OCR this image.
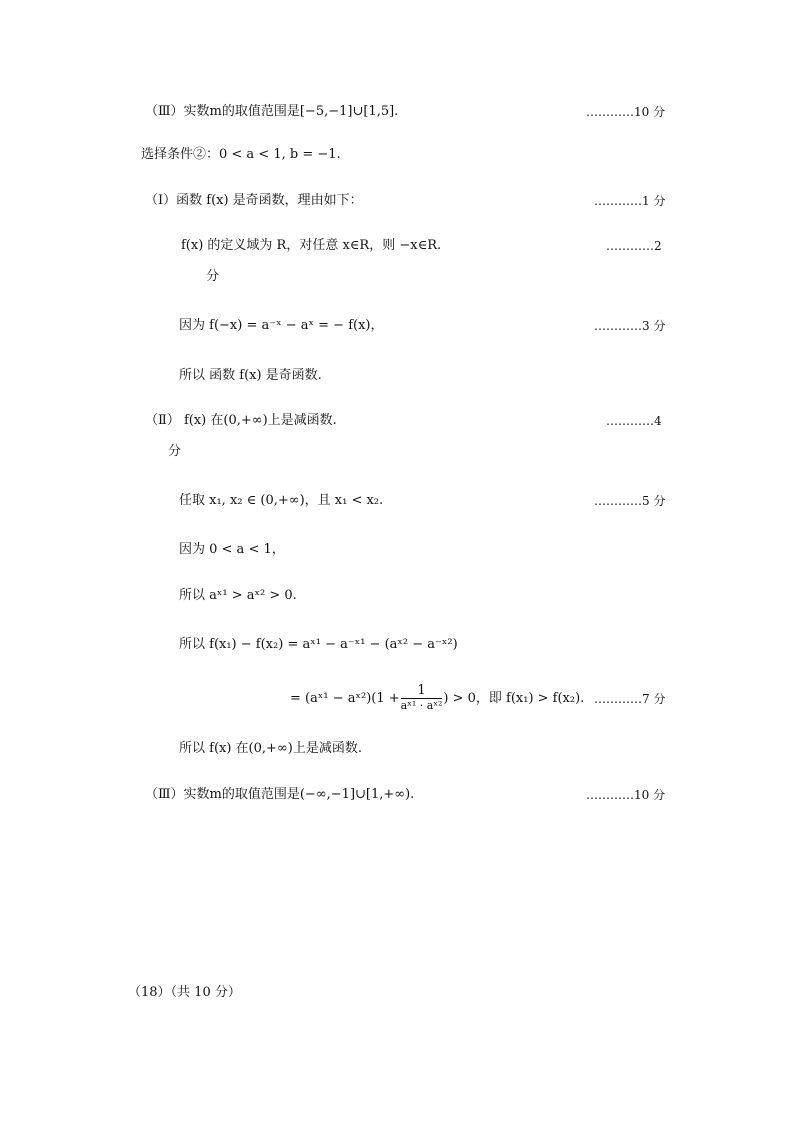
（Ⅲ）实数m的取值范围是[−5,−1]∪[1,5].	…………10 分
选择条件②：0 < a < 1, b = −1.
（Ⅰ）函数 f(x) 是奇函数，理由如下：	…………1 分
f(x) 的定义域为 R，对任意 x∈R，则 −x∈R.	…………2
分
因为 f(−x) = a⁻ˣ − aˣ = − f(x)，	…………3 分
所以 函数 f(x) 是奇函数.
（Ⅱ） f(x) 在(0,+∞)上是减函数.	…………4
分
任取 x₁, x₂ ∈ (0,+∞)，且 x₁ < x₂.	…………5 分
因为 0 < a < 1，
所以 aˣ¹ > aˣ² > 0.
所以 f(x₁) − f(x₂) = aˣ¹ − a⁻ˣ¹ − (aˣ² − a⁻ˣ²)
= (aˣ¹ − aˣ²)(1 + $\frac{1}{\text{aˣ¹ · aˣ²}}$ ) > 0，即 f(x₁) > f(x₂). …………7 分
所以 f(x) 在(0,+∞)上是减函数.
（Ⅲ）实数m的取值范围是(−∞,−1]∪[1,+∞).	…………10 分
（18）（共 10 分）
